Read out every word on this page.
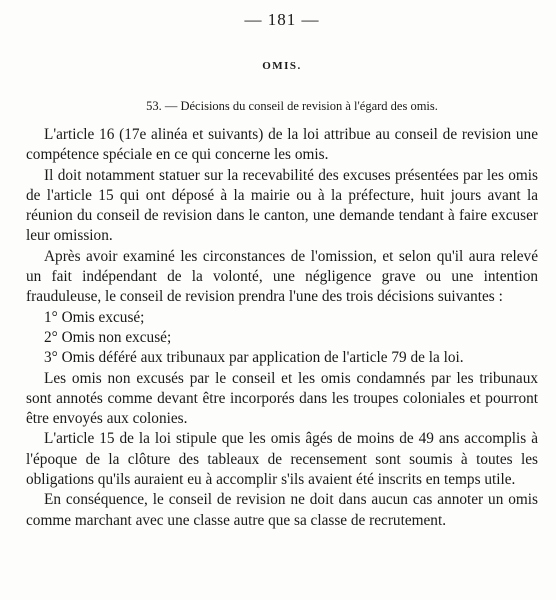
— 181 —
OMIS.
53. — Décisions du conseil de revision à l'égard des omis.

L'article 16 (17e alinéa et suivants) de la loi attribue au conseil de revision une compétence spéciale en ce qui concerne les omis.

Il doit notamment statuer sur la recevabilité des excuses présentées par les omis de l'article 15 qui ont déposé à la mairie ou à la préfecture, huit jours avant la réunion du conseil de revision dans le canton, une demande tendant à faire excuser leur omission.

Après avoir examiné les circonstances de l'omission, et selon qu'il aura relevé un fait indépendant de la volonté, une négligence grave ou une intention frauduleuse, le conseil de revision prendra l'une des trois décisions suivantes :

1° Omis excusé;

2° Omis non excusé;

3° Omis déféré aux tribunaux par application de l'article 79 de la loi.

Les omis non excusés par le conseil et les omis condamnés par les tribunaux sont annotés comme devant être incorporés dans les troupes coloniales et pourront être envoyés aux colonies.

L'article 15 de la loi stipule que les omis âgés de moins de 49 ans accomplis à l'époque de la clôture des tableaux de recensement sont soumis à toutes les obligations qu'ils auraient eu à accomplir s'ils avaient été inscrits en temps utile.

En conséquence, le conseil de revision ne doit dans aucun cas annoter un omis comme marchant avec une classe autre que sa classe de recrutement.
